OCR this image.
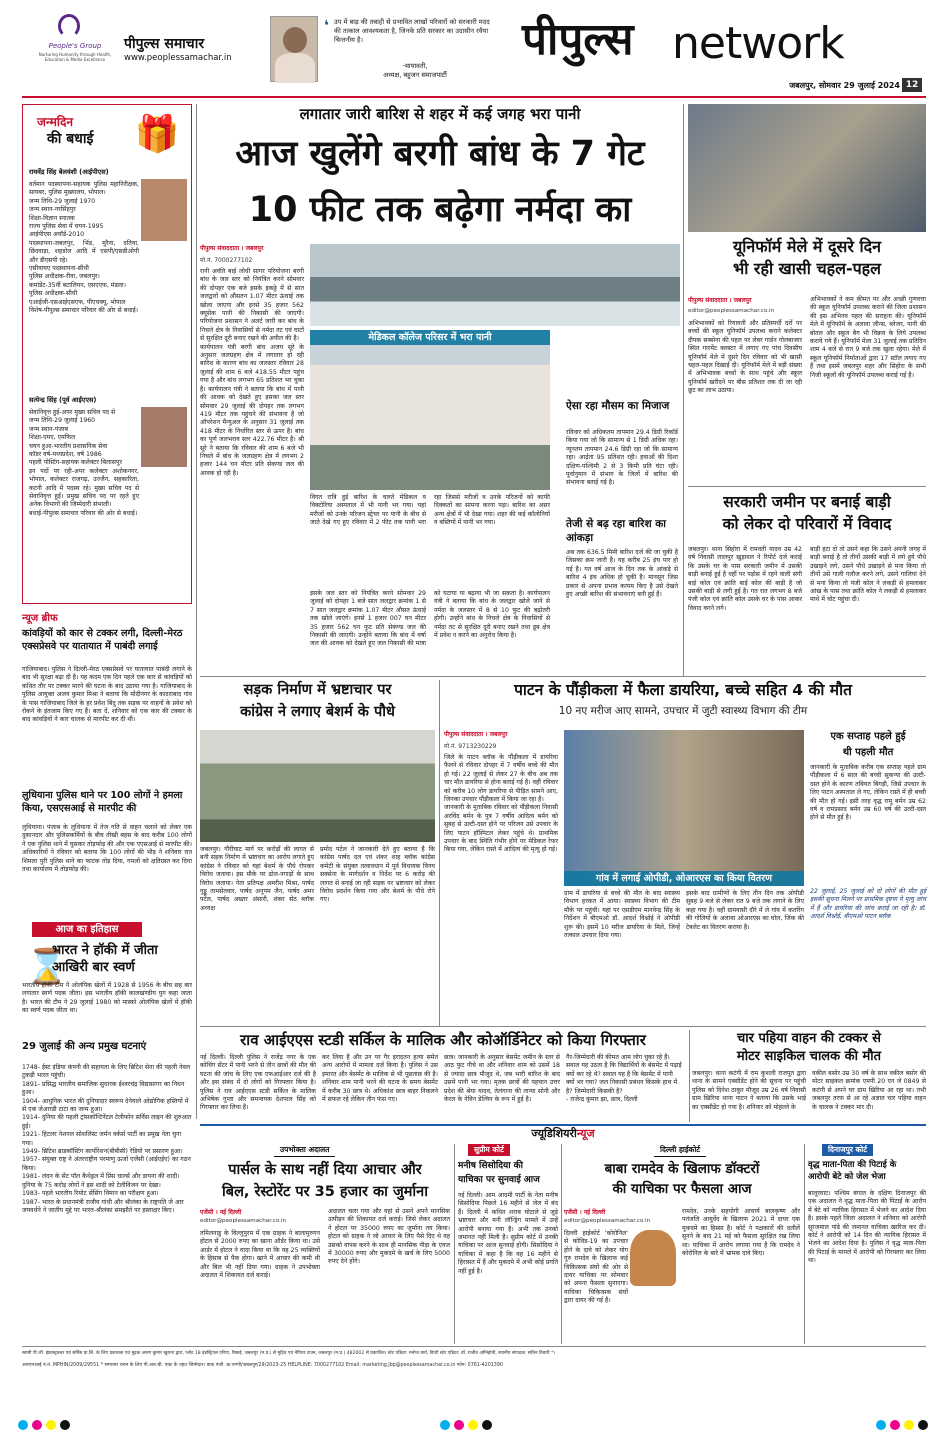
People's Group
Nurturing Humanity through Health, Education & Media Excellence
पीपुल्स समाचार
www.peoplessamachar.in
❛ उप में बाढ़ की तबाही से प्रभावित लाखों परिवारों को सरकारी मदद की तत्काल आवश्यकता है, जिनके प्रति सरकार का उदासीन रवैया चिन्तनीय है।
-मायावती,
अध्यक्ष, बहुजन समाजपार्टी
पीपुल्स network
जबलपुर, सोमवार 29 जुलाई 2024 12
जन्मदिन
की बधाई	🎁
राघवेंद्र सिंह बेलवंशी (आईपीएस)
वर्तमान पदस्थापना-सहायक पुलिस महानिरीक्षक, सायबर, पुलिस मुख्यालय, भोपाल।
जन्म तिथि-29 जुलाई 1970
जन्म स्थान-नरसिंहपुर
शिक्षा-विज्ञान स्नातक
राज्य पुलिस सेवा में चयन-1995
आईपीएस अवॉर्ड-2010
पदस्थापना-जबलपुर, भिंड, मुरैना, दतिया, छिंदवाड़ा, शहडोल आदि में एसपी/एसडीओपी और डीएसपी रहे।
एसीवायए पदस्थापना-सीधी
पुलिस अधीक्षक-रीवा, जबलपुर।
कमांडेंट-35वीं बटालियन, एसएएफ, मंडला।
पुलिस अधीक्षक-सीधी
एआईजी-एसआईएसएफ, पीएचक्यू, भोपाल
विशेष-पीपुल्स समाचार परिवार की ओर से बधाई।
सत्येन्द्र सिंह (पूर्व आईएएस)
सेवानिवृत्त हुई-अपर मुख्य सचिव पद से
जन्म तिथि-29 जुलाई 1960
जन्म स्थान-पंजाब
शिक्षा-एमए, एमफिल
चयन हुआ-भारतीय प्रशासनिक सेवा
कॉडर वर्ष-मध्यप्रदेश, वर्ष 1986
पहली पोस्टिंग-सहायक कलेक्टर बिलासपुर
इन पदों पर रही-अपर कलेक्टर अशोकनगर, भोपाल, कलेक्टर राजगढ़, उज्जैन, सहकारिता, कटनी आदि में पदस्थ रहे। मुख्य सचिव पद से सेवानिवृत्त हुईं। प्रमुख सचिव पद पर रहते हुए अनेक विभागों की जिम्मेदारी संभाली।
बधाई-पीपुल्स समाचार परिवार की ओर से बधाई।
न्यूज ब्रीफ
कांवड़ियों को कार से टक्कर लगी, दिल्ली-मेरठ एक्सप्रेसवे पर यातायात में पाबंदी लगाई
गाजियाबाद। पुलिस ने दिल्ली-मेरठ एक्सप्रेसवे पर यातायात पाबंदी लगाने के बाद भी सुरक्षा बढ़ा दी है। यह कदम एक दिन पहले एक कार से कांवड़ियों को कथित तौर पर टक्कर मारने की घटना के बाद उठाया गया है। गाजियाबाद के पुलिस आयुक्त अजय कुमार मिश्रा ने बताया कि मोदीनगर के कादराबाद गांव के पास गाजियाबाद जिले के हर प्रवेश बिंदु तक सड़क पर वाहनों के प्रवेश को रोकने के इंतजाम किए गए हैं। बता दें, शनिवार को एक कार की टक्कर के बाद कांवड़ियों ने कार चालक से मारपीट कर दी थी।
लुधियाना पुलिस थाने पर 100 लोगों ने हमला किया, एसएसआई से मारपीट की
लुधियाना। पंजाब के लुधियाना में तेज गति से वाहन चलाने को लेकर एक दुकानदार और पुलिसकर्मियों के बीच तीखी बहस के बाद करीब 100 लोगों ने एक पुलिस थाने में घुसकर तोड़फोड़ की और एक एएसआई से मारपीट की। अधिकारियों ने रविवार को बताया कि 100 लोगों की भीड़ ने शनिवार रात शिमला पुरी पुलिस थाने का फाटक तोड़ दिया, गमलों को क्षतिग्रस्त कर दिया तथा कार्यालय में तोड़फोड़ की।
आज का इतिहास
⌛
भारत ने हॉकी में जीता आखिरी बार स्वर्ण
भारतीय हॉकी टीम ने ओलंपिक खेलों में 1928 से 1956 के बीच छह बार लगातार स्वर्ण पदक जीता। इस भारतीय हॉकी कालखण्डीय युग कहा जाता है। भारत की टीम ने 29 जुलाई 1980 को मास्को ओलंपिक खेलों में हॉकी का स्वर्ण पदक जीता था।
29 जुलाई की अन्य प्रमुख घटनाएं
1748- ईस्ट इंडिया कंपनी की सहायता के लिए ब्रिटिश सेना की पहली नेवल टुकड़ी भारत पहुंची।
1891- प्रसिद्ध भारतीय समाजिक सुधारक ईश्वरचंद्र विद्यासागर का निधन हुआ।
1904- आधुनिक भारत की दुनियादार स्वरूप देनेवाले ओद्योगिक हस्तियों में से एक जेआरडी टाटा का जन्म हुआ।
1914- दुनिया की पहली ट्रांसकॉन्टिनेंटल टेलीफोन सर्विस लाइन की शुरुआत हुई।
1921- हिटलर नेशनल सोशलिस्ट जर्मन वर्कर्स पार्टी का प्रमुख नेता चुना गया।
1949- ब्रिटिश ब्राडकॉस्टिंग कार्पोरेशन(बीबीसी) रेडियो पर प्रसारण हुआ।
1957- संयुक्त राष्ट्र ने अंतरराष्ट्रीय परमाणु ऊर्जा एजेंसी (आईएईए) का गठन किया।
1981- लंदन के सेंट पॉल कैथेड्रल में प्रिंस चार्ल्स और डायना की शादी। दुनिया के 75 करोड़ लोगों ने इस शादी को टेलीविजन पर देखा।
1983- पहले भारतीय रिमोट सेंसिंग विमान का परीक्षण हुआ।
1987- भारत के प्रधानमंत्री राजीव गांधी और श्रीलंका के राष्ट्रपति जे आर जयवर्धने ने जातीय मुद्दे पर भारत-श्रीलंका समझौते पर हस्ताक्षर किए।
लगातार जारी बारिश से शहर में कई जगह भरा पानी
आज खुलेंगे बरगी बांध के 7 गेट
10 फीट तक बढ़ेगा नर्मदा का
पीपुल्स संवाददाता । जबलपुर
मो.नं. 7000277102
रानी अवंति बाई लोधी सागर परियोजना बरगी बांध के जल स्तर को नियंत्रित करने सोमवार की दोपहर एक बजे इसके इकठ्ठे में से सात जलद्वारों को औसतन 1.07 मीटर ऊंचाई तक खोला जाएगा और इनसे 35 हजार 562 क्यूसेक पानी की निकासी की जाएगी। परियोजना प्रशासन ने अलर्ट जारी कर बांध के निचले क्षेत्र के निवासियों से नर्मदा तट एवं घाटों से सुरक्षित दूरी बनाए रखने की अपील की है।
कार्यपालन यंत्री बरगी बांध अजय सूरे के अनुसार जलग्रहण क्षेत्र में लगातार हो रही बारिश के कारण बांध का जलस्तर रविवार 28 जुलाई की शाम 6 बजे 418.55 मीटर पहुंच गया है और बांध लगभग 65 प्रतिशत भर चुका है। कार्यपालन यंत्री ने बताया कि बांध में पानी की आवक को देखते हुए इसका जल स्तर सोमवार 29 जुलाई की दोपहर तक लगभग 419 मीटर तक पहुंचने की संभावना है जो ऑपरेशन मैन्युअल के अनुसार 31 जुलाई तक 418 मीटर के निर्धारित स्तर से ऊपर है। बांध का पूर्ण जलभराव स्तर 422.76 मीटर है। श्री सूरे ने बताया कि रविवार की शाम 6 बजे भी निचले में बांध के जलग्रहण क्षेत्र में लगभग 2 हजार 144 घन मीटर प्रति सेकण्ड जल की आवक हो रही है।
मेडिकल कॉलेज परिसर में भरा पानी
विगत रात्रि हुई बारिश के चलते मेडिकल व विक्टोरिया अस्पताल में भी पानी भर गया। यहां मरीजों को उनके परिजन स्ट्रेचर पर पानी के बीच से जाते देखे गए हुए रविवार में 2 फीट तक पानी भरा रहा जिससे मरीजों व उनके परिजनों को काफी दिक्कतों का सामना करना पड़ा। बारिश का असर अन्य क्षेत्रों में भी देखा गया। शहर की कई कॉलोनियों व बस्तियों में पानी भर गया।
ऐसा रहा मौसम का मिजाज
रविवार को अधिकतम तापमान 29.4 डिग्री रिकॉर्ड किया गया जो कि सामान्य से 1 डिग्री अधिक रहा। न्यूनतम तापमान 24.6 डिग्री रहा जो कि सामान्य रहा। आर्द्रता 95 प्रतिशत रही। हवाओं की दिशा दक्षिण-पश्चिमी 2 से 3 किमी प्रति घंटा रही। पूर्वानुमान में संभाग के जिलों में बारिश की संभावना बताई गई है।
तेजी से बढ़ रहा बारिश का आंकड़ा
अब तक 636.5 मिमी बारिश दर्ज की जा चुकी है जिसका क्रम जारी है। यह करीब 25 इंच पार हो गई है। गत वर्ष आज के दिन तक के आंकड़े से बारिश 4 इंच अधिक हो चुकी है। मानसून जिस प्रकार से अपना प्रभाव कायम किए है उसे देखते हुए अच्छी बारिश की संभावनाएं बनी हुई हैं।
इसके जल स्तर को नियंत्रित करने सोमवार 29 जुलाई को दोपहर 1 बजे सात जलद्वार क्रमांक 1 से 7 सात जलद्वार क्रमांक 1.07 मीटर औसत ऊंचाई तक खोले जाएंगे। इनसे 1 हजार 007 घन मीटर 35 हजार 562 घन फुट प्रति सेकण्ड जल की निकासी की जाएगी। उन्होंने बताया कि बांध में वर्षा जल की आवक को देखते हुए जल निकासी की मात्रा को घटाया या बढ़ाया भी जा सकता है। कार्यपालन यंत्री ने बताया कि बांध के जलद्वार खोले जाने से नर्मदा के जलस्तर में 8 से 10 फुट की बढ़ोतरी होगी। उन्होंने बांध के निचले क्षेत्र के निवासियों से नर्मदा तट से सुरक्षित दूरी बनाए रखने तथा डूब क्षेत्र में प्रवेश न करने का अनुरोध किया है।
यूनिफॉर्म मेले में दूसरे दिन
भी रही खासी चहल-पहल
पीपुल्स संवाददाता । जबलपुर
editor@peoplessamachar.co.in
अभिभावकों को रियायती और प्रतिस्पर्धी दरों पर बच्चों की स्कूल यूनिफॉर्म उपलब्ध कराने कलेक्टर दीपक सक्सेना की पहल पर लेबर गार्डन गोलबाजार स्थित गारमेंट क्लस्टर में लगाए गए पांच दिवसीय यूनिफॉर्म मेले में दूसरे दिन रविवार को भी खासी चहल-पहल दिखाई दी। यूनिफॉर्म मेले में बड़ी संख्या में अभिभावक बच्चों के साथ पहुंचे और स्कूल यूनिफॉर्म खरीदने पर बीस प्रतिशत तक दी जा रही छूट का लाभ उठाया।
अभिभावकों ने कम कीमत पर और अच्छी गुणवत्ता की स्कूल यूनिफॉर्म उपलब्ध कराने की जिला प्रशासन की इस अभिनव पहल की सराहना की। यूनिफॉर्म मेले में यूनिफॉर्म के अलावा जीन्स, ब्लेजर, पानी की बोतल और स्कूल बैग भी विक्रय के लिये उपलब्ध कराये गये हैं। यूनिफॉर्म मेला 31 जुलाई तक प्रतिदिन शाम 4 बजे से रात 9 बजे तक खुला रहेगा। मेले में स्कूल यूनिफॉर्म निर्माताओं द्वारा 17 स्टॉल लगाए गए हैं तथा इसमें जबलपुर शहर और सिहोरा के सभी निजी स्कूलों की यूनिफॉर्म उपलब्ध कराई गई है।
सरकारी जमीन पर बनाई बाड़ी
को लेकर दो परिवारों में विवाद
जबलपुर। थाना सिहोरा में रामवती यादव उम्र 42 वर्ष निवासी लालपुर खुड़ावल ने रिपोर्ट दर्ज कराई कि उसके घर के पास सरकारी जमीन में उसकी बाड़ी बनाई हुई है वहीं पर पड़ोस में रहने वाली संगी बाई कोल एवं क्रांति बाई कोल की बाड़ी है जो उसकी बाड़ी से लगी हुई है। गत रात लगभग 8 बजे पंजी कोल एवं क्रांति कोल उसके घर के पास आकर विवाद करने लगे।
बाड़ी हटा दो तो उसने कहा कि उसने अपनी जगह में बाड़ी बनाई है तो तीनों उसकी बाड़ी में लगे हुये पौधे उखाड़ने लगे, उसने पौधे उखाड़ने से मना किया तो तीनों उसे गाली गलौज करने लगे, उसने गालियां देने से मना किया तो पंजी कोल ने लकड़ी से हमलाकर आंख के पास तथा क्रांति कोल ने लकड़ी से हमलाकर माथे में चोट पहुंचा दी।
सड़क निर्माण में भ्रष्टाचार पर
कांग्रेस ने लगाए बेशर्म के पौधे
जबलपुर। गौरीघाट मार्ग पर करोड़ों की लागत से बनी सड़क निर्माण में भ्रष्टाचार का आरोप लगाते हुए कांग्रेस ने रविवार को यहां बेशर्म के पौधे रोपकर विरोध जताया। इस मौके पर ढोल-नगाड़ों के साथ विरोध जताया। नेता प्रतिपक्ष अमरीश मिश्रा, पार्षद गुड्डू तामसेतवार, पार्षद अनुपम जैन, पार्षद अमर पटेल, पार्षद अख्तर अंसारी, शंकर सेठ ब्लॉक अध्यक्ष
प्रमोद पटेल ने जानकारी देते हुए बताया है कि कांग्रेस पार्षद दल एवं शंकर शाह ब्लॉक कांग्रेस कमेटी के संयुक्त तत्वावधान में पूर्व विधायक विनय सक्सेना के मार्गदर्शन व निर्देश पर 6 करोड़ की लागत से बनाई जा रही सड़क पर भ्रष्टाचार को लेकर विरोध प्रदर्शन किया गया और बेशर्म के पौधे रोपे गए।
पाटन के पौंड़ीकला में फैला डायरिया, बच्चे सहित 4 की मौत
10 नए मरीज आए सामने, उपचार में जुटी स्वास्थ्य विभाग की टीम
पीपुल्स संवाददाता । जबलपुर
मो.नं. 9713230229
जिले के पाटन ब्लॉक के पौंड़ीकला में डायरिया फैलने से रविवार दोपहर में 7 वर्षीय बच्चे की मौत हो गई। 22 जुलाई से लेकर 27 के बीच अब तक चार मौत डायरिया से होना बताई गई है। वहीं रविवार को करीब 10 लोग डायरिया से पीड़ित सामने आए, जिनका उपचार पौंड़ीकला में किया जा रहा है।
जानकारी के मुताबिक रविवार को पौंड़ीकला निवासी अरविंद बर्मन के पुत्र 7 वर्षीय आदित्य बर्मन को सुबह से उल्टी-दस्त होने पर परिजन उसे उपचार के लिए पाटन हॉस्पिटल लेकर पहुंचे थे। प्राथमिक उपचार के बाद स्थिति गंभीर होने पर मेडिकल रेफर किया गया, लेकिन रास्ते में आदित्य की मृत्यु हो गई।
गांव में लगाई ओपीडी, ओआरएस का किया वितरण
ग्राम में डायरिया से बच्चे की मौत के बाद स्वास्थ्य विभाग हरकत में आया। स्वास्थ्य विभाग की टीम मौके पर पहुंची। यहां पर एसडीएम मानवेन्द्र सिंह के निर्देशन में बीएमओ डॉ. आदर्श विश्नोई ने ओपीडी शुरू की। इसमें 10 मरीज डायरिया के मिले, जिन्हें तत्काल उपचार दिया गया।
इसके बाद ग्रामीणों के लिए तीन दिन तक ओपीडी सुबह 9 बजे से लेकर रात 9 बजे तक लगाने के लिए कहा गया है। वहीं ग्रामवासी दौरे में ले गांव में कतरिंग की गोलियों के अलावा ओआरएस का घोल, जिंक की टेबलेट का वितरण कराया है।
एक सप्ताह पहले हुई
थी पहली मौत
जानकारी के मुताबिक करीब एक सप्ताह पहले ग्राम पौंड़ीकला में 6 साल की बच्ची सुकन्या की उल्टी-दस्त होने के कारण तबियत बिगड़ी, जिसे उपचार के लिए पाटन अस्पताल ले गए, लेकिन रास्ते में ही बच्ची की मौत हो गई। इसी तरह वृद्ध रामू बर्मन उम्र 62 वर्ष व रामप्रसाद बर्मन उम्र 60 वर्ष की उल्टी-दस्त होने से मौत हुई है।
22 जुलाई, 25 जुलाई को दो लोगों की मौत हुई इसकी सूचना मिलने पर प्राथमिक दृष्टया ये मृत्यु जांच में हैं और डायरिया की जांच कराई जा रही है। डॉ. आदर्श विश्नोई, बीएमओ पाटन ब्लॉक
राव आईएएस स्टडी सर्किल के मालिक और कोऑर्डिनेटर को किया गिरफ्तार
नई दिल्ली। दिल्ली पुलिस ने राजेंद्र नगर के एक कोचिंग सेंटर में पानी भरने से तीन छात्रों की मौत की घटना की जांच के लिए एक एफआईआर दर्ज की है और इस संबंध में दो लोगों को गिरफ्तार किया है। पुलिस ने राव आईएएस स्टडी सर्किल के मालिक अभिषेक गुप्ता और समन्वयक देशपाल सिंह को गिरफ्तार कर लिया है।
कर लिया है और उन पर गैर इरादतन हत्या समेत अन्य आरोपों में मामला दर्ज किया है। पुलिस ने उस इमारत और बेसमेंट के मालिक से भी पूछताछ की है। शनिवार शाम पानी भरने की घटना के समय बेसमेंट में करीब 30 छात्र थे। अधिकांश छात्र बाहर निकलने में सफल रहे लेकिन तीन फंस गए।
छात्र। जानकारी के अनुसार बेसमेंट जमीन के स्तर से आठ फुट नीचे था और शनिवार शाम को उसमें 18 से ज्यादा छात्र मौजूद थे, जब भारी बारिश के बाद उसमें पानी भर गया। मृतक छात्रों की पहचान उत्तर प्रदेश की श्रेया यादव, तेलंगाना की तान्या सोनी और केरल के नेविन डेल्विन के रूप में हुई है।
गैर-जिम्मेदारी की कीमत आम लोग चुका रहे हैं।
सवाल यह उठता है कि विद्यार्थियों के बेसमेंट में पढ़ाई क्यों कर रहे थे? सवाल यह है कि बेसमेंट में पानी क्यों भर गया? जल निकासी प्रबंधन किसके हाथ में है? जिम्मेदारी किसकी है?
- राजेन्द्र कुमार झा, छात्र, दिल्ली
चार पहिया वाहन की टक्कर से
मोटर साइकिल चालक की मौत
जबलपुर। थाना कटंगी में राम कुशली राजपूत द्वारा थाना के सामने एक्सीडेंट होने की सूचना पर पहुंची पुलिस को दिनेश ठाकुर मौजूद उम्र 26 वर्ष निवासी ग्राम खिरिया थाना पाटन ने बताया कि उसके भाई का एक्सीडेंट हो गया है। शनिवार को मोहल्ले के
वकील बसोर उम्र 30 वर्ष के साथ वकील बसोर की मोटर साइकल क्रमांक एमपी 20 एन जे 0849 से कटंगी से अपने घर ग्राम खिरिया आ रहा था। तभी जबलपुर तरफ से आ रहे अज्ञात चार पहिया वाहन के चालक ने टक्कर मार दी।
ज्यूडिशियरीन्यूज
उपभोक्ता अदालत
पार्सल के साथ नहीं दिया आचार और
बिल, रेस्टोरेंट पर 35 हजार का जुर्माना
एजेंसी । नई दिल्ली
editor@peoplessamachar.co.in
तमिलनाडु के विल्लुपुरम में एक ग्राहक ने बालामुरुगन होटल से 2000 रुपए का खाना ऑर्डर किया था। उसे आर्डर में होटल ने वादा किया था कि यह 25 व्यक्तियों के हिसाब से पैक होगा। खाने में आचार की कमी थी और बिल भी नहीं दिया गया। ग्राहक ने उपभोक्ता अदालत में शिकायत दर्ज कराई।
अदालत चला गया और वहां से उसने अपने मानसिक उत्पीड़न की शिकायत दर्ज कराई। जिसे लेकर अदालत ने होटल पर 35000 रुपए का जुर्माना तय किया। होटल को ग्राहक ने जो आचार के लिए पैसे दिए थे वह उसको वापस करने के साथ ही मानसिक पीड़ा के एवज में 30000 रुपए और मुकदमे के खर्च के लिए 5000 रुपए देने होंगे।
सुप्रीम कोर्ट
मनीष सिसोदिया की
याचिका पर सुनवाई आज
नई दिल्ली। आम आदमी पार्टी के नेता मनीष सिसोदिया पिछले 16 महीने से जेल में बंद हैं। दिल्ली में कथित शराब घोटाले से जुड़े भ्रष्टाचार और मनी लॉन्ड्रिंग मामले में उन्हें आरोपी बनाया गया है। अभी तक उनको जमानत नहीं मिली है। सुप्रीम कोर्ट में उनकी याचिका पर आज सुनवाई होगी। सिसोदिया ने याचिका में कहा है कि वह 16 महीने से हिरासत में हैं और मुकदमे में अभी कोई प्रगति नहीं हुई है।
दिल्ली हाईकोर्ट
बाबा रामदेव के खिलाफ डॉक्टरों
की याचिका पर फैसला आज
एजेंसी । नई दिल्ली
editor@peoplessamachar.co.in
दिल्ली हाईकोर्ट 'कोरोनिल' से कोविड-19 का उपचार होने के दावे को लेकर योग गुरु रामदेव के खिलाफ कई चिकित्सक संघों की ओर से दायर याचिका पर सोमवार को अपना फैसला सुनाएगा। याचिका चिकित्सक संघों द्वारा दायर की गई है।
रामदेव, उनके सहयोगी आचार्य बालकृष्ण और पतंजलि आयुर्वेद के खिलाफ 2021 में दायर एक मुकदमे का हिस्सा है। कोर्ट ने पक्षकारों की दलीलें सुनने के बाद 21 मई को फैसला सुरक्षित रख लिया था। याचिका में आरोप लगाया गया है कि रामदेव ने कोरोनिल के बारे में भ्रामक दावे किए।
दिनाजपुर कोर्ट
वृद्ध माता-पिता की पिटाई के
आरोपी बेटे को जेल भेजा
बालूरघाट। पश्चिम बंगाल के दक्षिण दिनाजपुर की एक अदालत ने वृद्ध माता-पिता की पिटाई के आरोप में बेटे को न्यायिक हिरासत में भेजने का आदेश दिया है। इसके पहले जिला अदालत ने शनिवार को आरोपी सुरजमाल पांडे की जमानत याचिका खारिज कर दी। कोर्ट ने आरोपी को 14 दिन की न्यायिक हिरासत में भेजने का आदेश दिया है। पुलिस ने वृद्ध माता-पिता की पिटाई के मामले में आरोपी को गिरफ्तार कर लिया था।
स्वामी पी.जी. इंफ्रास्ट्रक्चर एवं सर्विस प्रा.लि. के लिए प्रकाशक एवं मुद्रक अरुण कुमार खुराना द्वारा, प्लॉट 18 इंडस्ट्रियल एरिया, रिछाई, जबलपुर (म.प्र.) से मुद्रित एवं नेपियर टाउन, जबलपुर (म.प्र.) 482002 से प्रकाशित। स्टेट एडिटर: मनोज वर्मा, डिप्टी स्टेट एडिटर: डॉ. राजीव अग्निहोत्री, स्थानीय संपादक: सचिन तिवारी *।
आरएनआई नं.नं. MPHIN/2009/29551 * समाचार चयन के लिए पी.आर.बी. एक्ट के तहत जिम्मेदार। डाक पंजी. क्र.एमपी/जबलपुर/29/2023-25 HELPLINE: 7000277102 Email: marketing.jbp@peoplessamachar.co.in फोन: 0761-4201390
